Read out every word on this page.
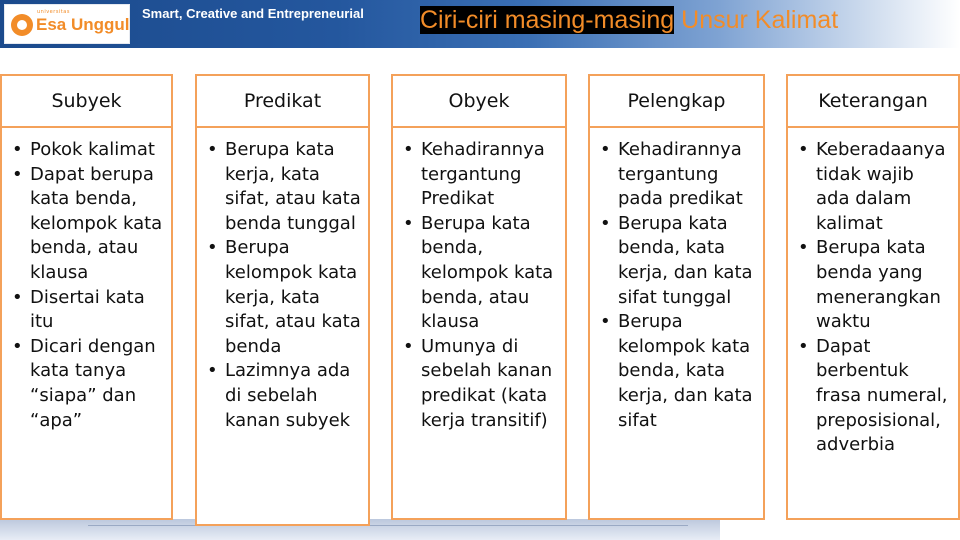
universitas
Esa Unggul
Smart, Creative and Entrepreneurial Ciri-ciri masing-masing Unsur Kalimat
Subyek
• Pokok kalimat
• Dapat berupa kata benda, kelompok kata benda, atau klausa
• Disertai kata itu
• Dicari dengan kata tanya “siapa” dan “apa”
Predikat
• Berupa kata kerja, kata sifat, atau kata benda tunggal
• Berupa kelompok kata kerja, kata sifat, atau kata benda
• Lazimnya ada di sebelah kanan subyek
Obyek
• Kehadirannya tergantung Predikat
• Berupa kata benda, kelompok kata benda, atau klausa
• Umunya di sebelah kanan predikat (kata kerja transitif)
Pelengkap
• Kehadirannya tergantung pada predikat
• Berupa kata benda, kata kerja, dan kata sifat tunggal
• Berupa kelompok kata benda, kata kerja, dan kata sifat
Keterangan
• Keberadaanya tidak wajib ada dalam kalimat
• Berupa kata benda yang menerangkan waktu
• Dapat berbentuk frasa numeral, preposisional, adverbia
